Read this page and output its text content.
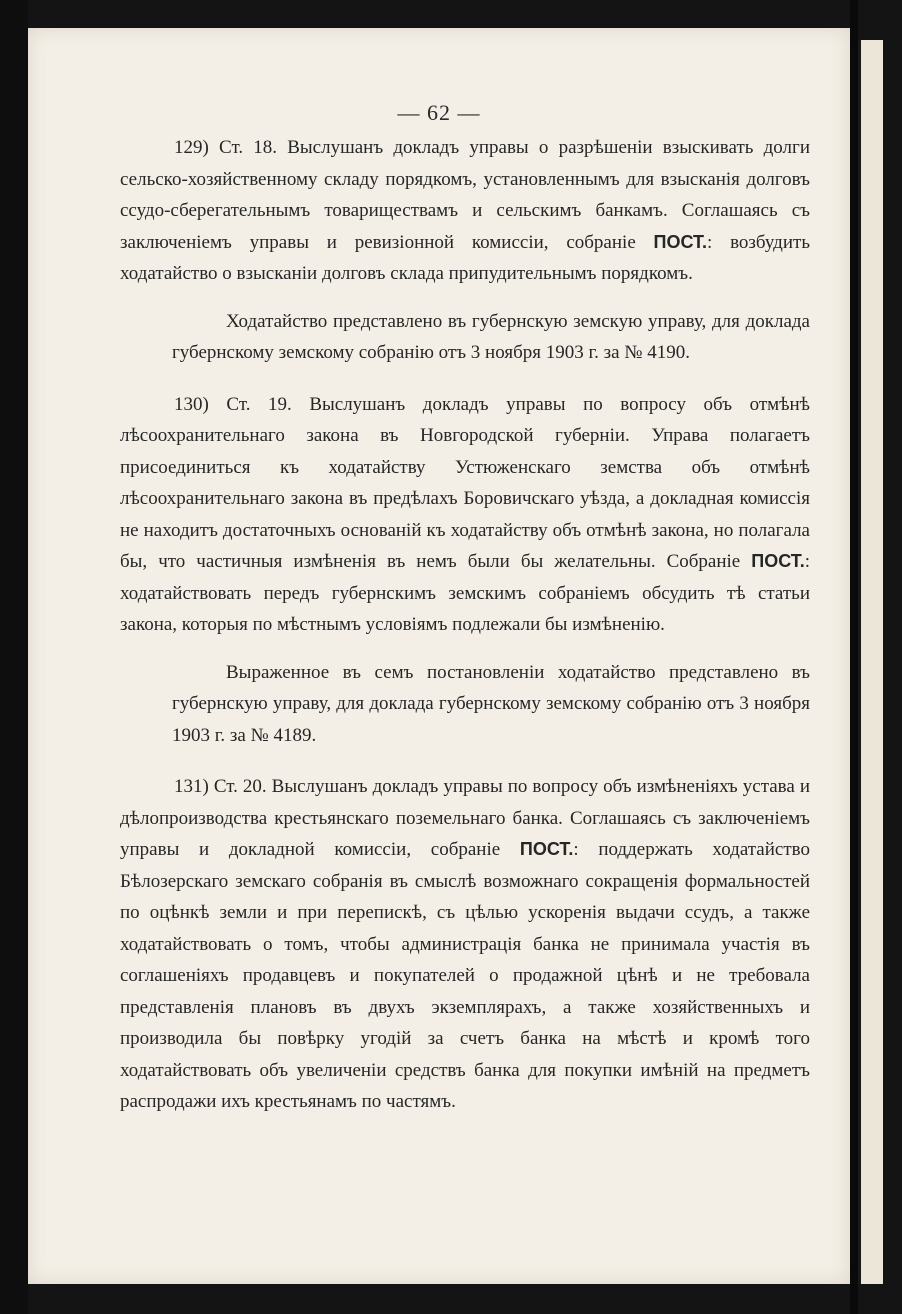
— 62 —

129) Ст. 18. Выслушанъ докладъ управы о разрѣшеніи взыскивать долги сельско-хозяйственному складу порядкомъ, установленнымъ для взысканія долговъ ссудо-сберегательнымъ товариществамъ и сельскимъ банкамъ. Соглашаясь съ заключеніемъ управы и ревизіонной комиссіи, собраніе ПОСТ.: возбудить ходатайство о взысканіи долговъ склада припудительнымъ порядкомъ.

Ходатайство представлено въ губернскую земскую управу, для доклада губернскому земскому собранію отъ 3 ноября 1903 г. за № 4190.

130) Ст. 19. Выслушанъ докладъ управы по вопросу объ отмѣнѣ лѣсоохранительнаго закона въ Новгородской губерніи. Управа полагаетъ присоединиться къ ходатайству Устюженскаго земства объ отмѣнѣ лѣсоохранительнаго закона въ предѣлахъ Боровичскаго уѣзда, а докладная комиссія не находитъ достаточныхъ основаній къ ходатайству объ отмѣнѣ закона, но полагала бы, что частичныя измѣненія въ немъ были бы желательны. Собраніе ПОСТ.: ходатайствовать передъ губернскимъ земскимъ собраніемъ обсудить тѣ статьи закона, которыя по мѣстнымъ условіямъ подлежали бы измѣненію.

Выраженное въ семъ постановленіи ходатайство представлено въ губернскую управу, для доклада губернскому земскому собранію отъ 3 ноября 1903 г. за № 4189.

131) Ст. 20. Выслушанъ докладъ управы по вопросу объ измѣненіяхъ устава и дѣлопроизводства крестьянскаго поземельнаго банка. Соглашаясь съ заключеніемъ управы и докладной комиссіи, собраніе ПОСТ.: поддержать ходатайство Бѣлозерскаго земскаго собранія въ смыслѣ возможнаго сокращенія формальностей по оцѣнкѣ земли и при перепискѣ, съ цѣлью ускоренія выдачи ссудъ, а также ходатайствовать о томъ, чтобы администрація банка не принимала участія въ соглашеніяхъ продавцевъ и покупателей о продажной цѣнѣ и не требовала представленія плановъ въ двухъ экземплярахъ, а также хозяйственныхъ и производила бы повѣрку угодій за счетъ банка на мѣстѣ и кромѣ того ходатайствовать объ увеличеніи средствъ банка для покупки имѣній на предметъ распродажи ихъ крестьянамъ по частямъ.
